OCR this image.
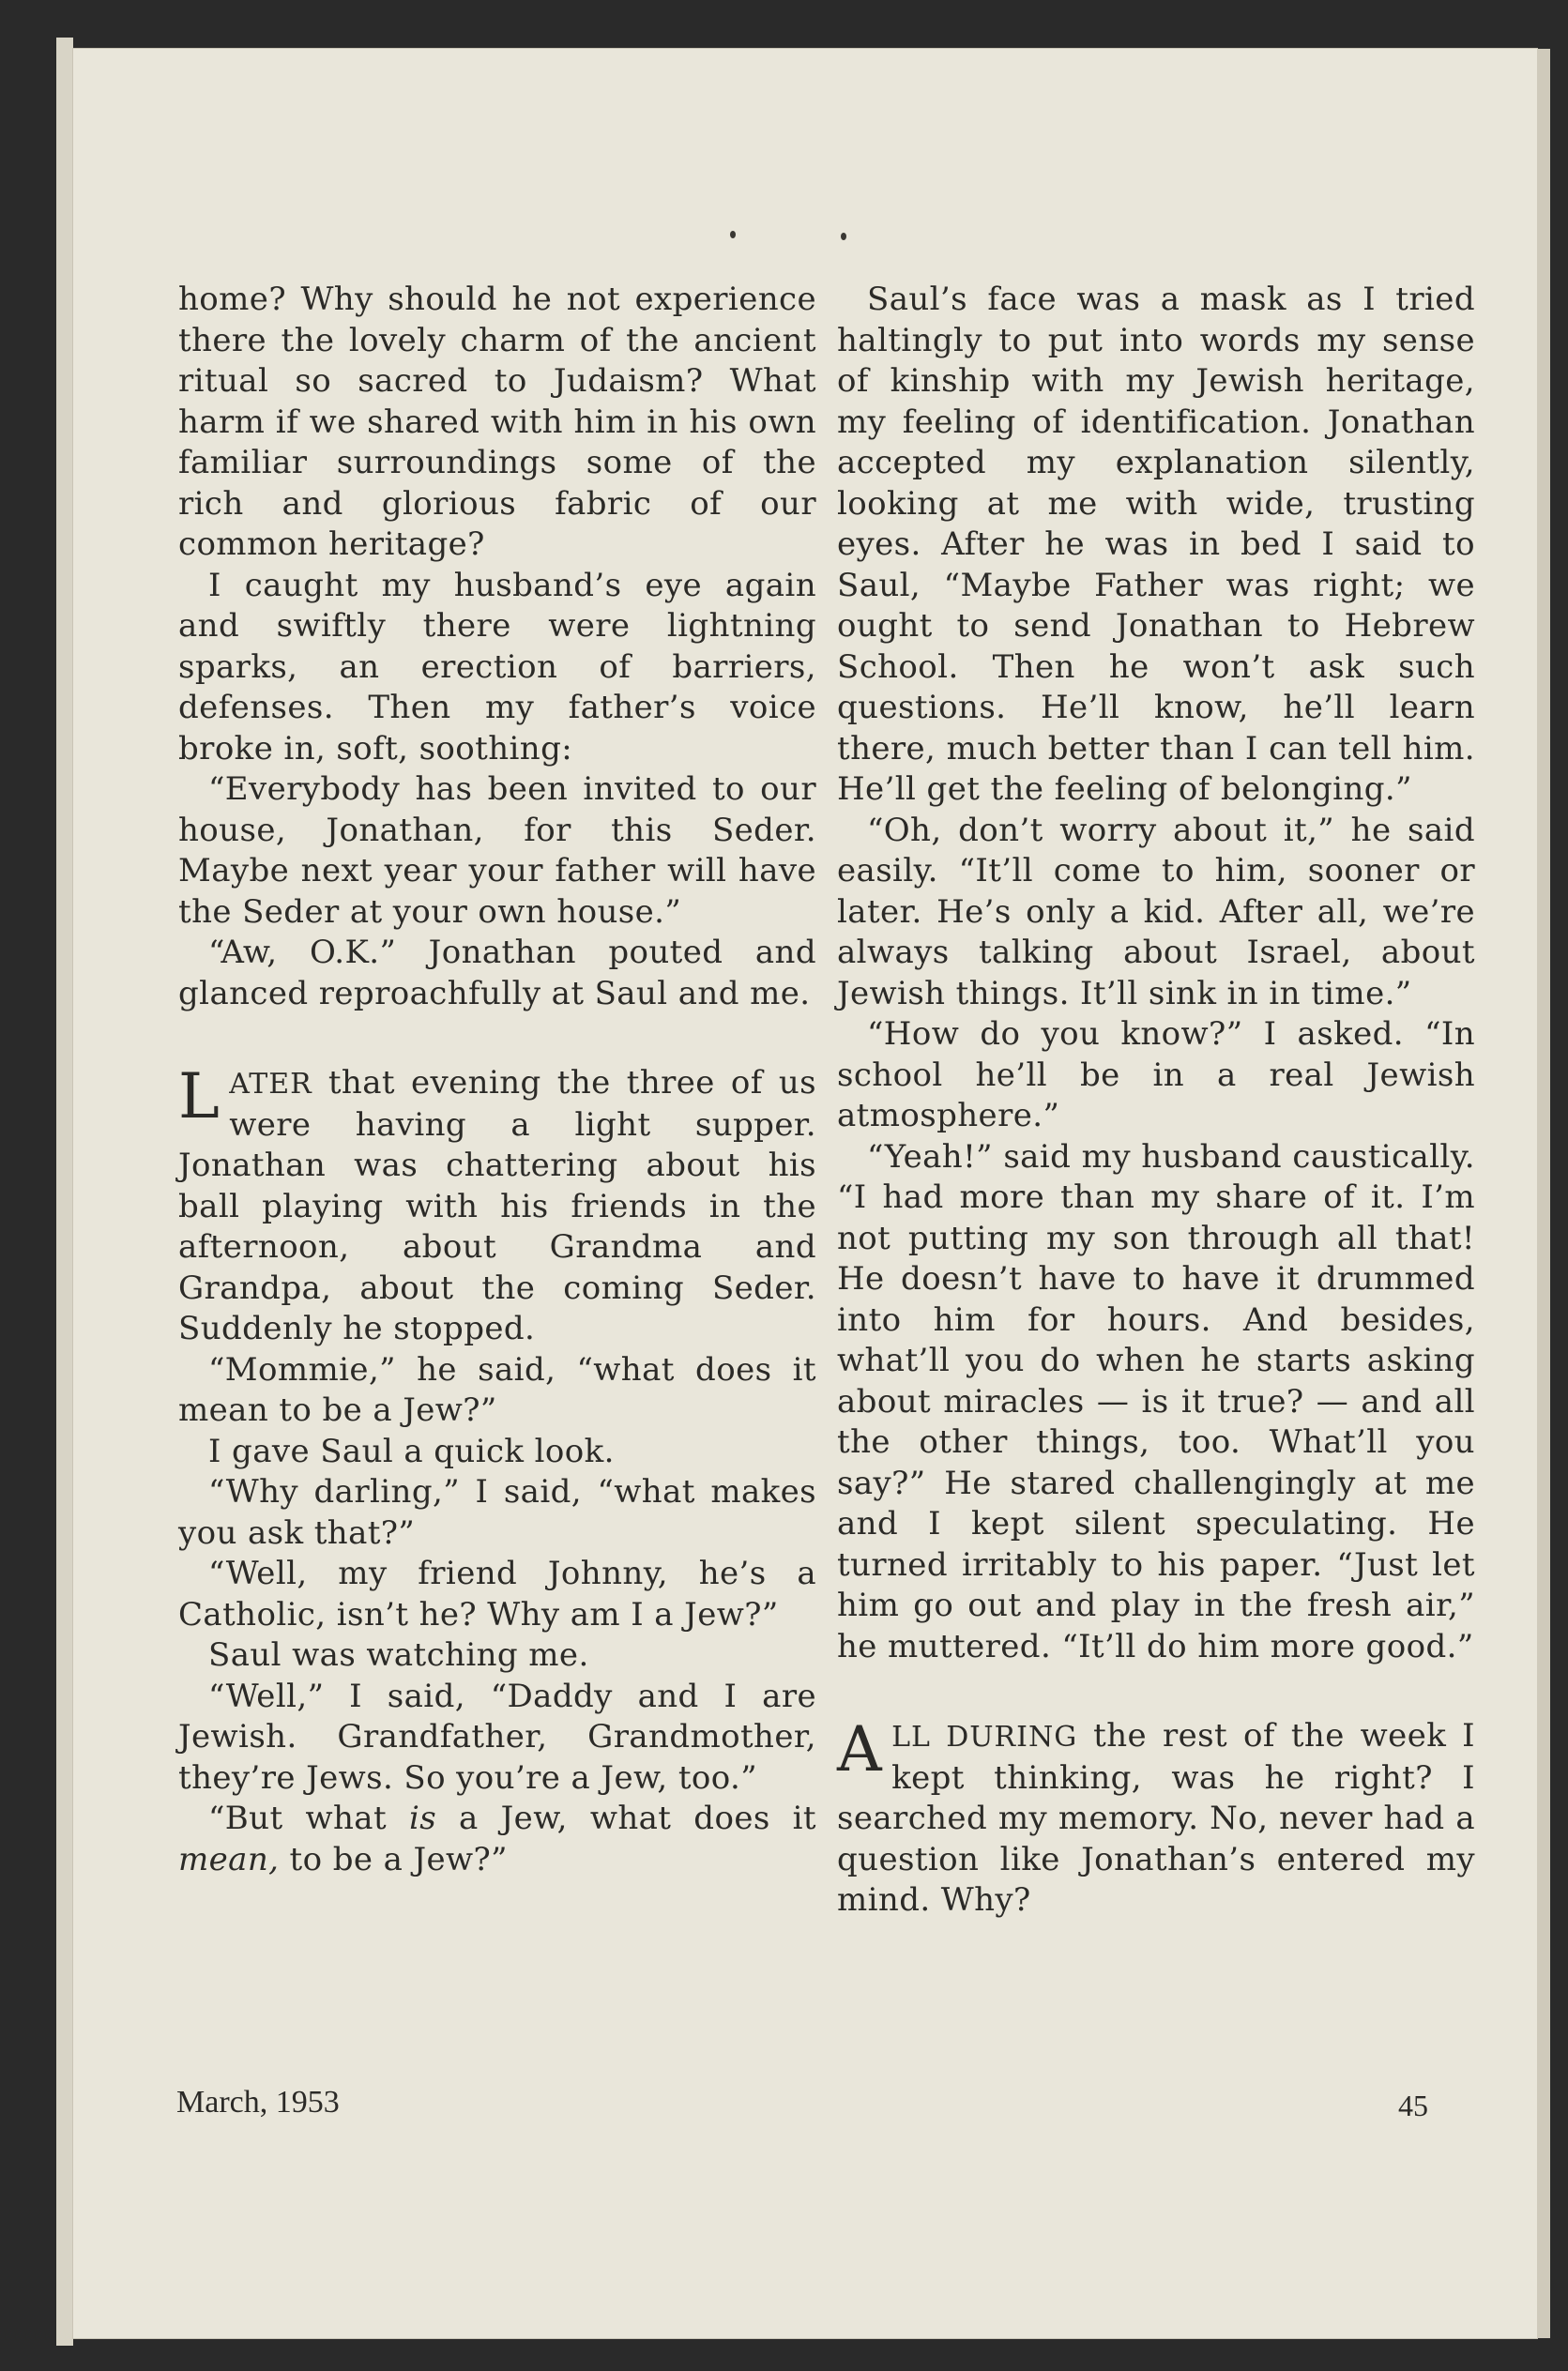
home? Why should he not experience there the lovely charm of the ancient ritual so sacred to Judaism? What harm if we shared with him in his own familiar surroundings some of the rich and glorious fabric of our common heritage?

I caught my husband’s eye again and swiftly there were lightning sparks, an erection of barriers, defenses. Then my father’s voice broke in, soft, soothing:

“Everybody has been invited to our house, Jonathan, for this Seder. Maybe next year your father will have the Seder at your own house.”

“Aw, O.K.” Jonathan pouted and glanced reproachfully at Saul and me.

LATER that evening the three of us were having a light supper. Jonathan was chattering about his ball playing with his friends in the afternoon, about Grandma and Grandpa, about the coming Seder. Suddenly he stopped.

“Mommie,” he said, “what does it mean to be a Jew?”

I gave Saul a quick look.

“Why darling,” I said, “what makes you ask that?”

“Well, my friend Johnny, he’s a Catholic, isn’t he? Why am I a Jew?”

Saul was watching me.

“Well,” I said, “Daddy and I are Jewish. Grandfather, Grandmother, they’re Jews. So you’re a Jew, too.”

“But what is a Jew, what does it mean, to be a Jew?”

Saul’s face was a mask as I tried haltingly to put into words my sense of kinship with my Jewish heritage, my feeling of identification. Jonathan accepted my explanation silently, looking at me with wide, trusting eyes. After he was in bed I said to Saul, “Maybe Father was right; we ought to send Jonathan to Hebrew School. Then he won’t ask such questions. He’ll know, he’ll learn there, much better than I can tell him. He’ll get the feeling of belonging.”

“Oh, don’t worry about it,” he said easily. “It’ll come to him, sooner or later. He’s only a kid. After all, we’re always talking about Israel, about Jewish things. It’ll sink in in time.”

“How do you know?” I asked. “In school he’ll be in a real Jewish atmosphere.”

“Yeah!” said my husband caustically. “I had more than my share of it. I’m not putting my son through all that! He doesn’t have to have it drummed into him for hours. And besides, what’ll you do when he starts asking about miracles — is it true? — and all the other things, too. What’ll you say?” He stared challengingly at me and I kept silent speculating. He turned irritably to his paper. “Just let him go out and play in the fresh air,” he muttered. “It’ll do him more good.”

ALL DURING the rest of the week I kept thinking, was he right? I searched my memory. No, never had a question like Jonathan’s entered my mind. Why?

March, 1953	45
